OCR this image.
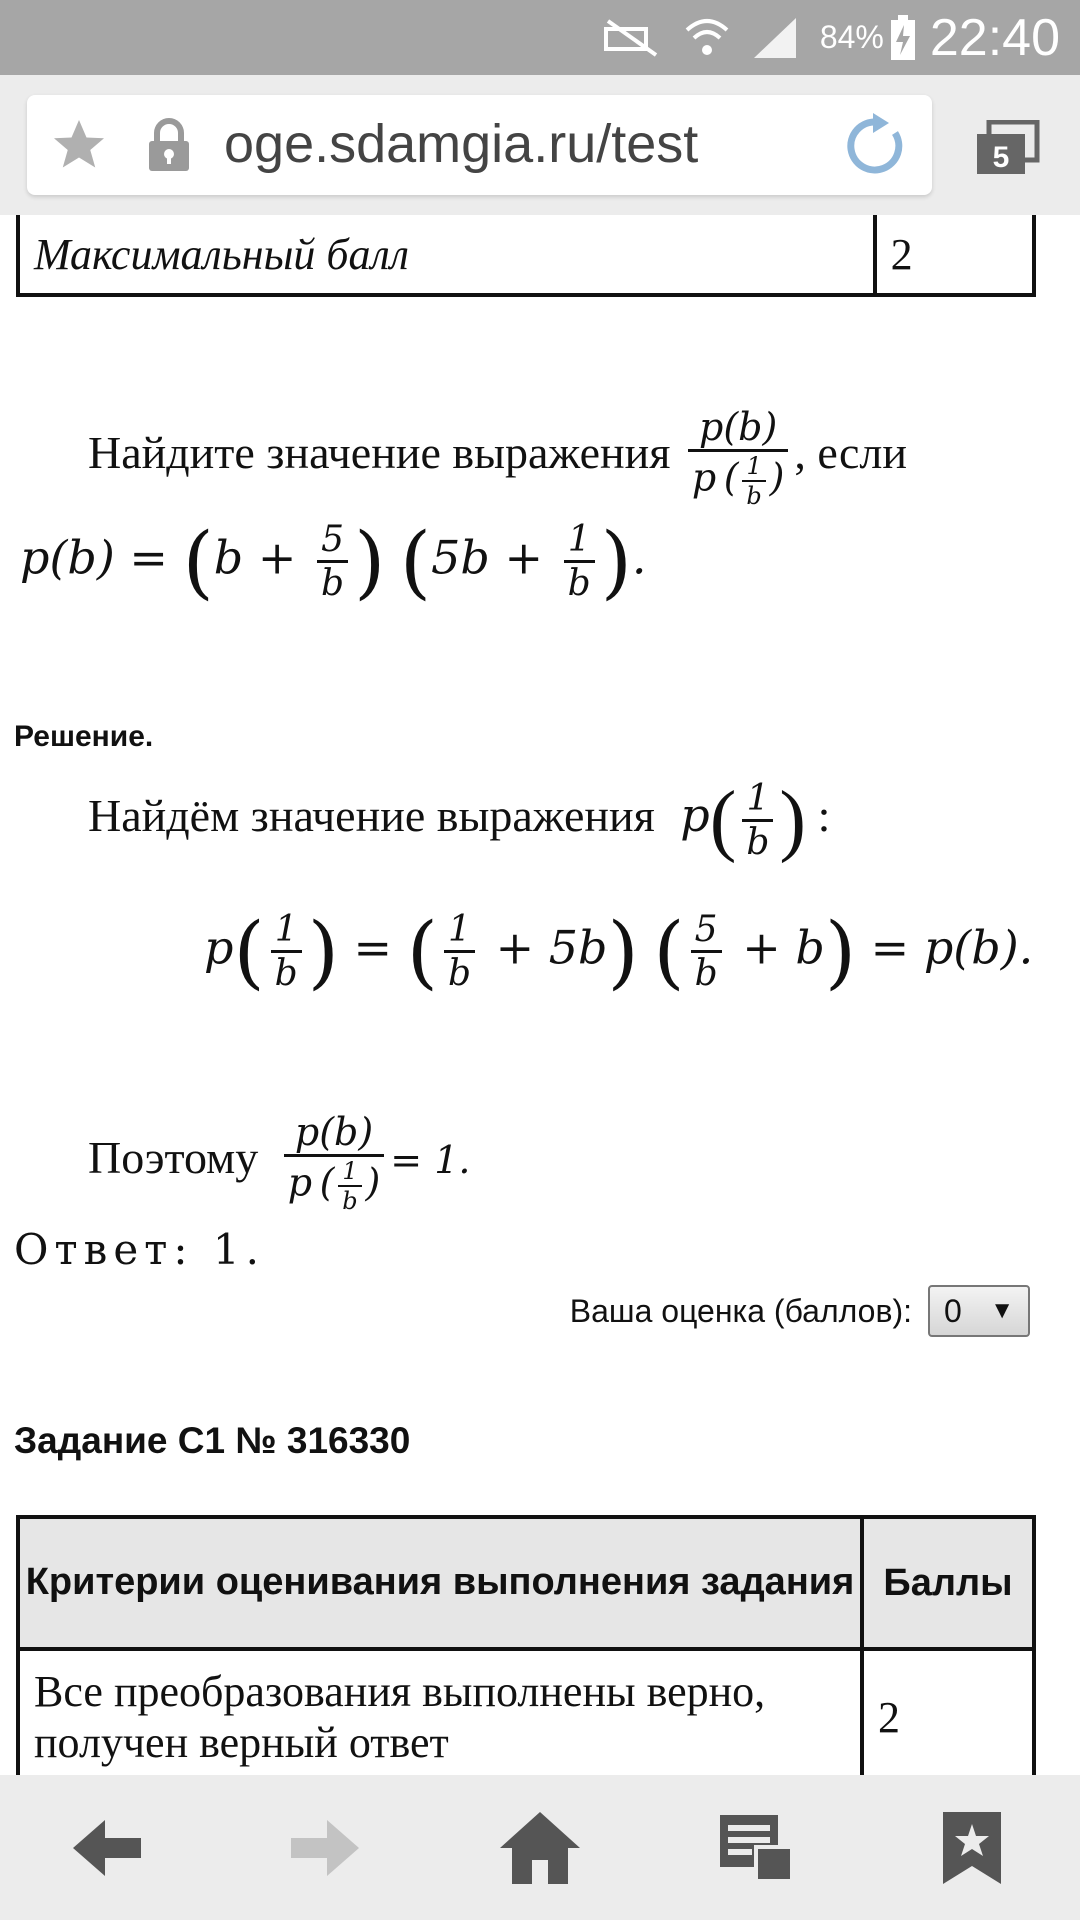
84% 22:40
oge.sdamgia.ru/test	5
Максимальный балл	2
Найдите значение выражения $\frac{p(b)}{p ( \frac{1}{b} )}$ , если
$p(b) = (b + \frac{5}{b}$ ) ($5b + \frac{1}{b}$ ).
Решение.
Найдём значение выражения $p( \frac{1}{b}$ ) :
$p( \frac{1}{b}$ ) = ( $\frac{1}{b} + 5b$) ( $\frac{5}{b} + b) = p(b)$.
Поэтому $\frac{p(b)}{p ( \frac{1}{b} )} = 1$.
Ответ: 1.
Ваша оценка (баллов): 0 ▼
Задание C1 № 316330
Критерии оценивания выполнения задания	Баллы
Все преобразования выполнены верно, получен верный ответ	2
